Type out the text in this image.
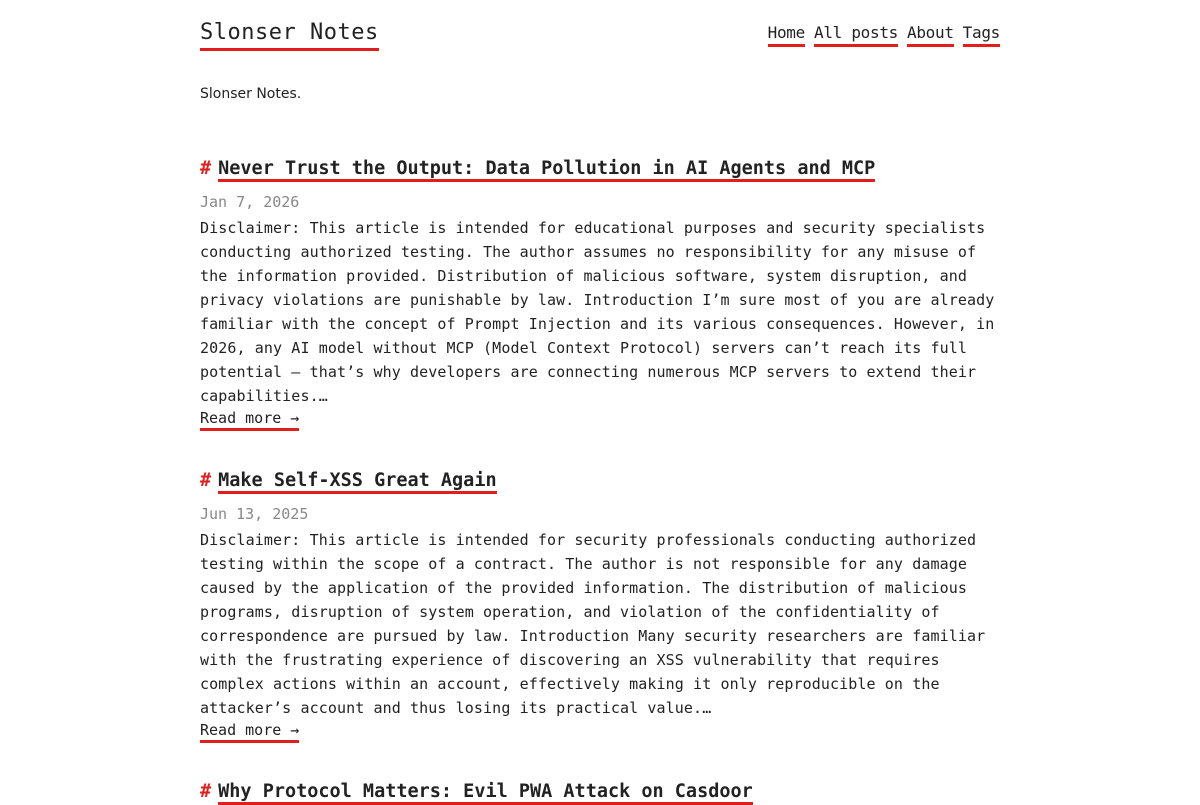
Slonser Notes	Home All posts About Tags

Slonser Notes.

# Never Trust the Output: Data Pollution in AI Agents and MCP
Jan 7, 2026
Disclaimer: This article is intended for educational purposes and security specialists conducting authorized testing. The author assumes no responsibility for any misuse of the information provided. Distribution of malicious software, system disruption, and privacy violations are punishable by law. Introduction I’m sure most of you are already familiar with the concept of Prompt Injection and its various consequences. However, in 2026, any AI model without MCP (Model Context Protocol) servers can’t reach its full potential — that’s why developers are connecting numerous MCP servers to extend their capabilities.…
Read more →
# Make Self-XSS Great Again
Jun 13, 2025
Disclaimer: This article is intended for security professionals conducting authorized testing within the scope of a contract. The author is not responsible for any damage caused by the application of the provided information. The distribution of malicious programs, disruption of system operation, and violation of the confidentiality of correspondence are pursued by law. Introduction Many security researchers are familiar with the frustrating experience of discovering an XSS vulnerability that requires complex actions within an account, effectively making it only reproducible on the attacker’s account and thus losing its practical value.…
Read more →
# Why Protocol Matters: Evil PWA Attack on Casdoor
